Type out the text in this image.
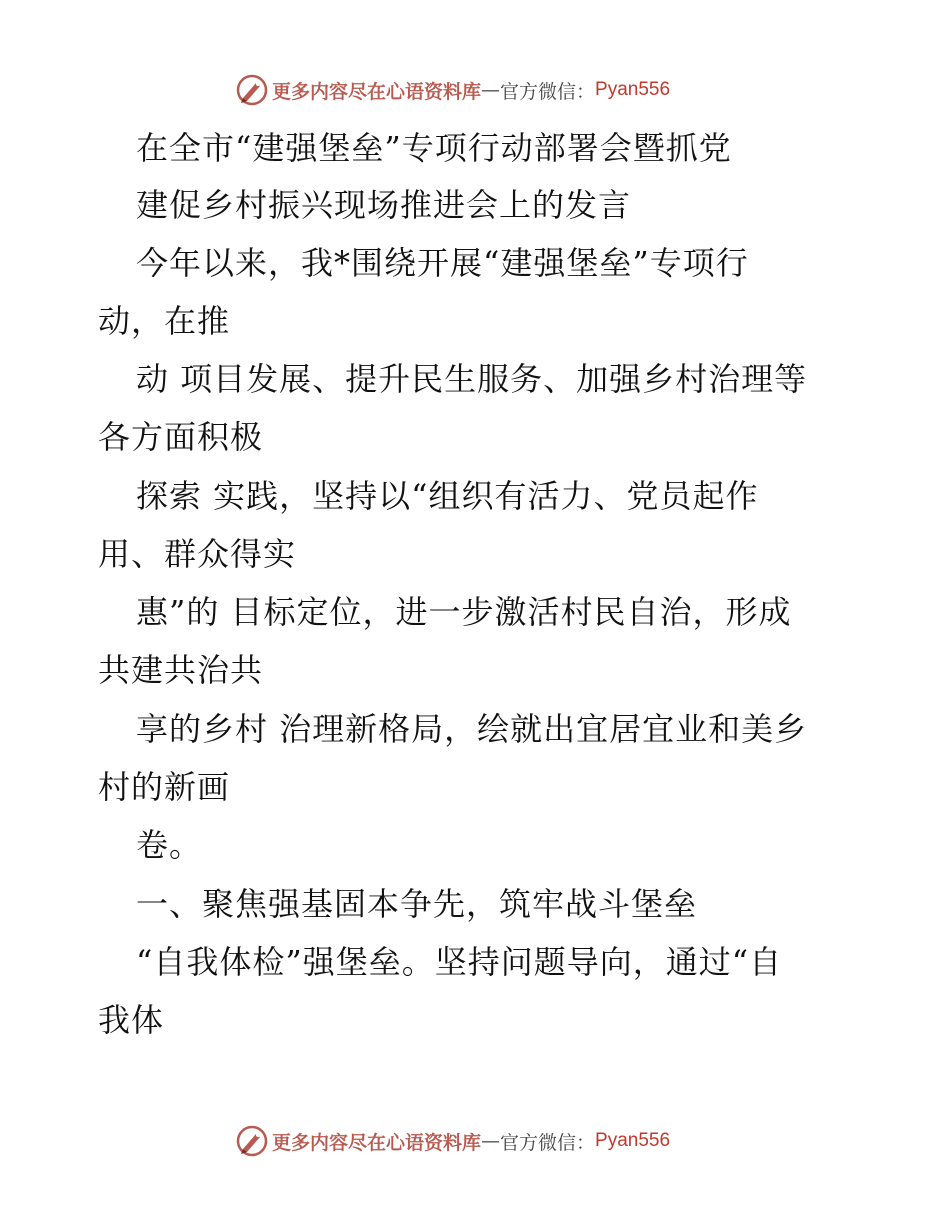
更多内容尽在心语资料库 — 官方微信： Pyan556
在全市“建强堡垒”专项行动部署会暨抓党
建促乡村振兴现场推进会上的发言
今年以来，我*围绕开展“建强堡垒”专项行
动，在推
动 项目发展、提升民生服务、加强乡村治理等
各方面积极
探索 实践，坚持以“组织有活力、党员起作
用、群众得实
惠”的 目标定位，进一步激活村民自治，形成
共建共治共
享的乡村 治理新格局，绘就出宜居宜业和美乡
村的新画
卷。
一、聚焦强基固本争先，筑牢战斗堡垒
“自我体检”强堡垒。坚持问题导向，通过“自
我体
更多内容尽在心语资料库 — 官方微信： Pyan556
